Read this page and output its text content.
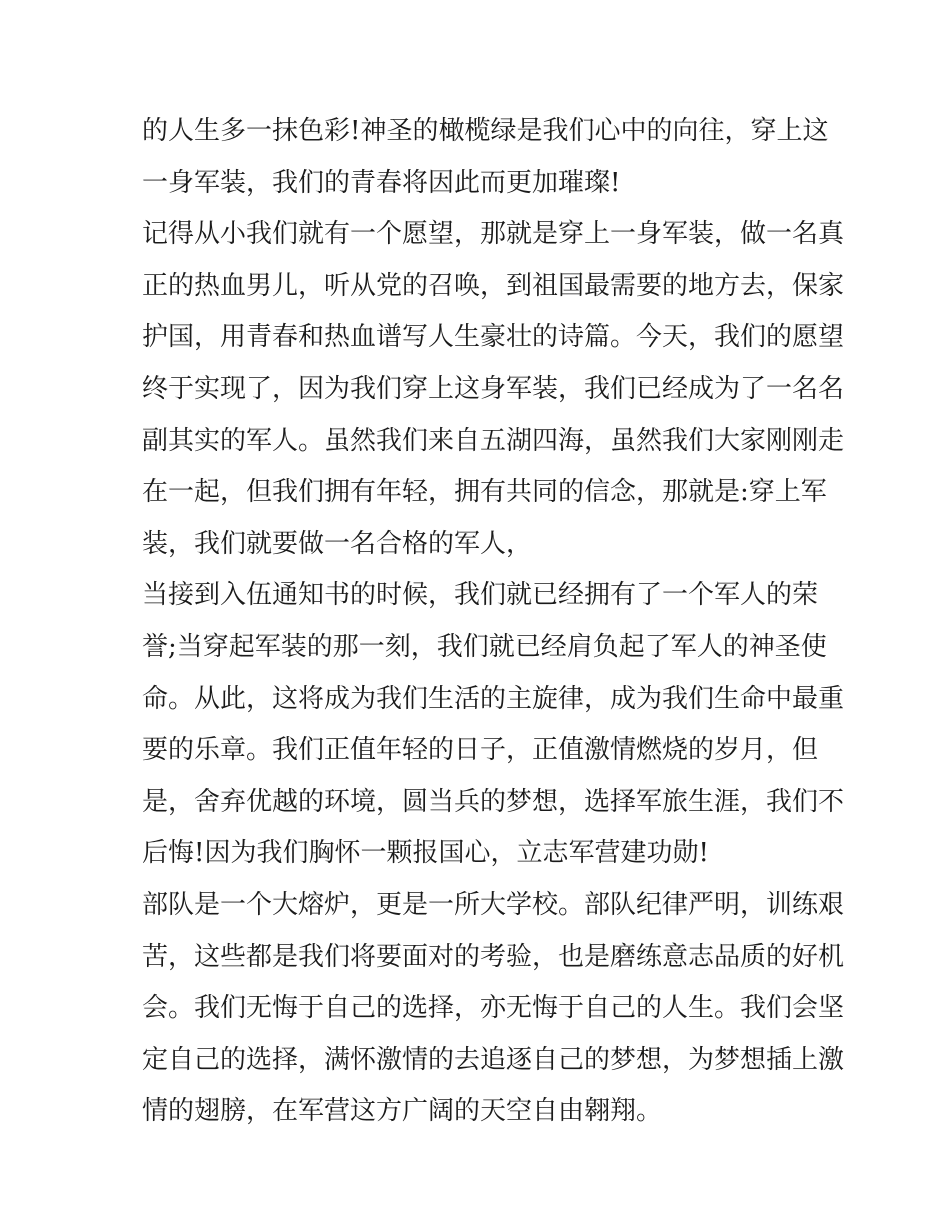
的人生多一抹色彩!神圣的橄榄绿是我们心中的向往，穿上这
一身军装，我们的青春将因此而更加璀璨!
记得从小我们就有一个愿望，那就是穿上一身军装，做一名真
正的热血男儿，听从党的召唤，到祖国最需要的地方去，保家
护国，用青春和热血谱写人生豪壮的诗篇。今天，我们的愿望
终于实现了，因为我们穿上这身军装，我们已经成为了一名名
副其实的军人。虽然我们来自五湖四海，虽然我们大家刚刚走
在一起，但我们拥有年轻，拥有共同的信念，那就是:穿上军
装，我们就要做一名合格的军人，
当接到入伍通知书的时候，我们就已经拥有了一个军人的荣
誉;当穿起军装的那一刻，我们就已经肩负起了军人的神圣使
命。从此，这将成为我们生活的主旋律，成为我们生命中最重
要的乐章。我们正值年轻的日子，正值激情燃烧的岁月，但
是，舍弃优越的环境，圆当兵的梦想，选择军旅生涯，我们不
后悔!因为我们胸怀一颗报国心，立志军营建功勋!
部队是一个大熔炉，更是一所大学校。部队纪律严明，训练艰
苦，这些都是我们将要面对的考验，也是磨练意志品质的好机
会。我们无悔于自己的选择，亦无悔于自己的人生。我们会坚
定自己的选择，满怀激情的去追逐自己的梦想，为梦想插上激
情的翅膀，在军营这方广阔的天空自由翱翔。
